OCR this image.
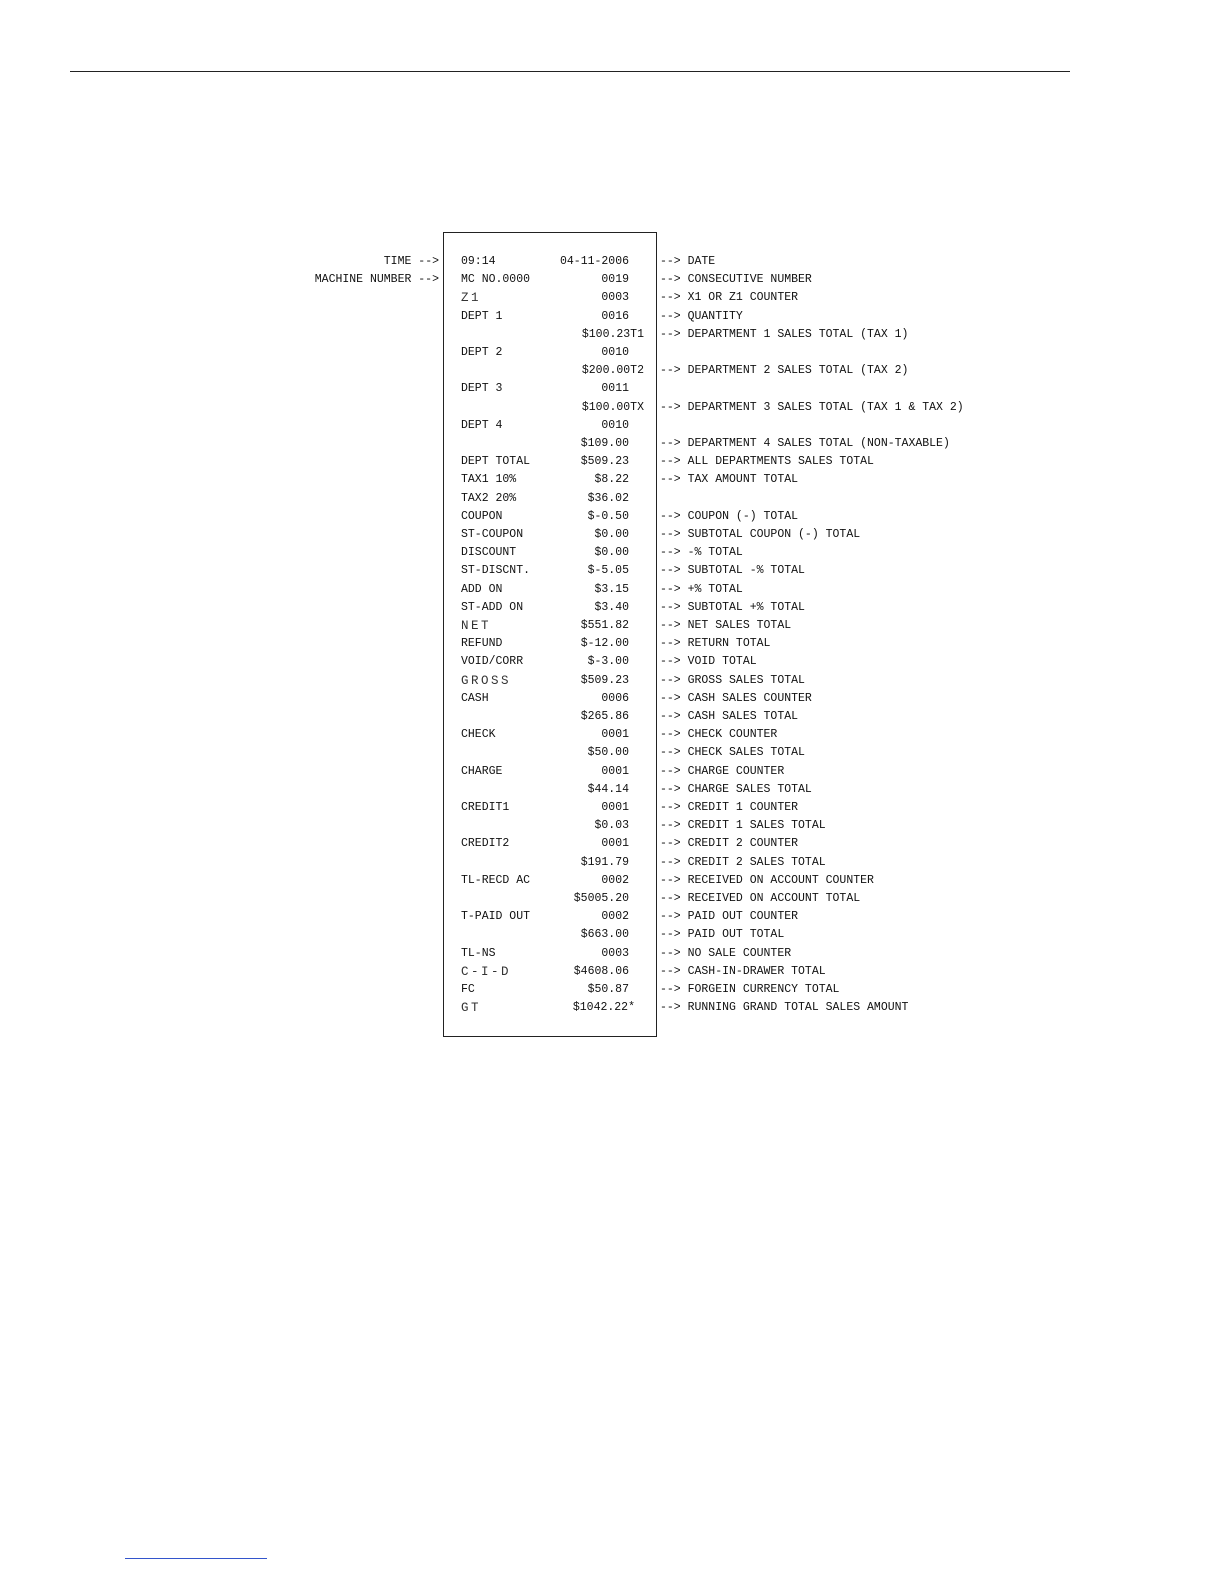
TIME --> 09:14	04-11-2006	--> DATE
MACHINE NUMBER --> MC NO.0000	0019	--> CONSECUTIVE NUMBER
Z1	0003	--> X1 OR Z1 COUNTER
DEPT 1	0016	--> QUANTITY
$100.23T1 --> DEPARTMENT 1 SALES TOTAL (TAX 1)
DEPT 2	0010
$200.00T2 --> DEPARTMENT 2 SALES TOTAL (TAX 2)
DEPT 3	0011
$100.00TX --> DEPARTMENT 3 SALES TOTAL (TAX 1 & TAX 2)
DEPT 4	0010
$109.00	--> DEPARTMENT 4 SALES TOTAL (NON-TAXABLE)
DEPT TOTAL	$509.23	--> ALL DEPARTMENTS SALES TOTAL
TAX1 10%	$8.22	--> TAX AMOUNT TOTAL
TAX2 20%	$36.02
COUPON	$-0.50	--> COUPON (-) TOTAL
ST-COUPON	$0.00	--> SUBTOTAL COUPON (-) TOTAL
DISCOUNT	$0.00	--> -% TOTAL
ST-DISCNT.	$-5.05	--> SUBTOTAL -% TOTAL
ADD ON	$3.15	--> +% TOTAL
ST-ADD ON	$3.40	--> SUBTOTAL +% TOTAL
NET	$551.82	--> NET SALES TOTAL
REFUND	$-12.00	--> RETURN TOTAL
VOID/CORR	$-3.00	--> VOID TOTAL
GROSS	$509.23	--> GROSS SALES TOTAL
CASH	0006	--> CASH SALES COUNTER
$265.86	--> CASH SALES TOTAL
CHECK	0001	--> CHECK COUNTER
$50.00	--> CHECK SALES TOTAL
CHARGE	0001	--> CHARGE COUNTER
$44.14	--> CHARGE SALES TOTAL
CREDIT1	0001	--> CREDIT 1 COUNTER
$0.03	--> CREDIT 1 SALES TOTAL
CREDIT2	0001	--> CREDIT 2 COUNTER
$191.79	--> CREDIT 2 SALES TOTAL
TL-RECD AC	0002	--> RECEIVED ON ACCOUNT COUNTER
$5005.20	--> RECEIVED ON ACCOUNT TOTAL
T-PAID OUT	0002	--> PAID OUT COUNTER
$663.00	--> PAID OUT TOTAL
TL-NS	0003	--> NO SALE COUNTER
C-I-D	$4608.06	--> CASH-IN-DRAWER TOTAL
FC	$50.87	--> FORGEIN CURRENCY TOTAL
GT	$1042.22* --> RUNNING GRAND TOTAL SALES AMOUNT
